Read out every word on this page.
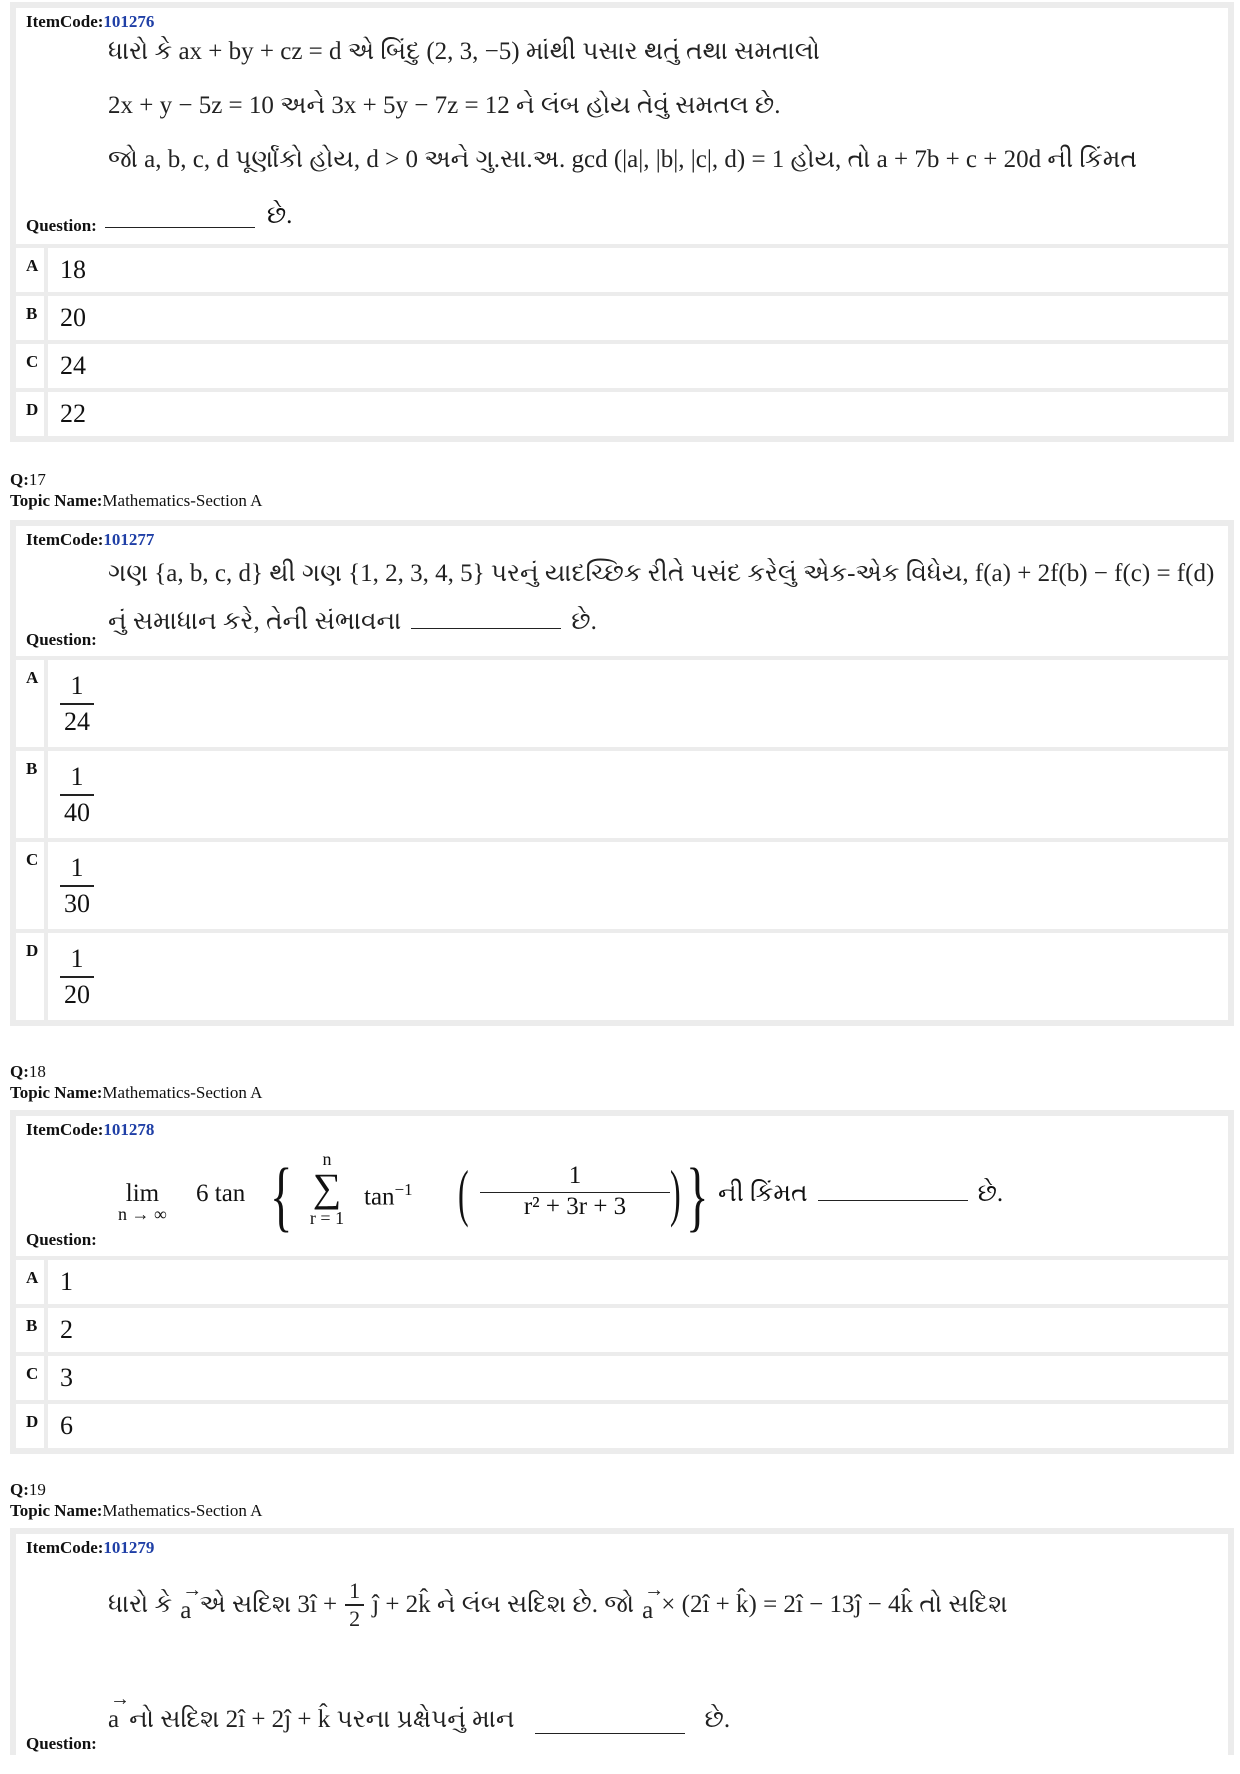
ItemCode:101276
ધારો કે ax + by + cz = d એ બિંદુ (2, 3, −5) માંથી પસાર થતું તથા સમતાલો
2x + y − 5z = 10 અને 3x + 5y − 7z = 12 ને લંબ હોય તેવું સમતલ છે.
જો a, b, c, d પૂર્ણાંકો હોય, d > 0 અને ગુ.સા.અ. gcd (|a|, |b|, |c|, d) = 1 હોય, તો a + 7b + c + 20d ની કિંમત
Question:	છે.
A 18
B 20
C 24
D 22
Q:17
Topic Name:Mathematics-Section A
ItemCode:101277
ગણ {a, b, c, d} થી ગણ {1, 2, 3, 4, 5} પરનું યાદચ્છિક રીતે પસંદ કરેલું એક-એક વિધેય, f(a) + 2f(b) − f(c) = f(d)
નું સમાધાન કરે, તેની સંભાવના	છે.
Question:
A $\frac{1}{24}$
B $\frac{1}{40}$
C $\frac{1}{30}$
D $\frac{1}{20}$
Q:18
Topic Name:Mathematics-Section A
ItemCode:101278
lim
n → ∞
6 tan {	n
∑
r = 1
$\tan^{-1}$ ( $\frac{1}{\text{r² + 3r + 3}}$ ) } ની કિંમત	છે.
Question:
A 1
B 2
C 3
D 6
Q:19
Topic Name:Mathematics-Section A
ItemCode:101279
ધારો કે
→
a એ સદિશ 3î + $\frac{1}{2}$ ĵ + 2k̂ ને લંબ સદિશ છે. જો
→
a × (2î + k̂) = 2î − 13ĵ − 4k̂ તો સદિશ
→
a નો સદિશ 2î + 2ĵ + k̂ પરના પ્રક્ષેપનું માન	છે.
Question:
